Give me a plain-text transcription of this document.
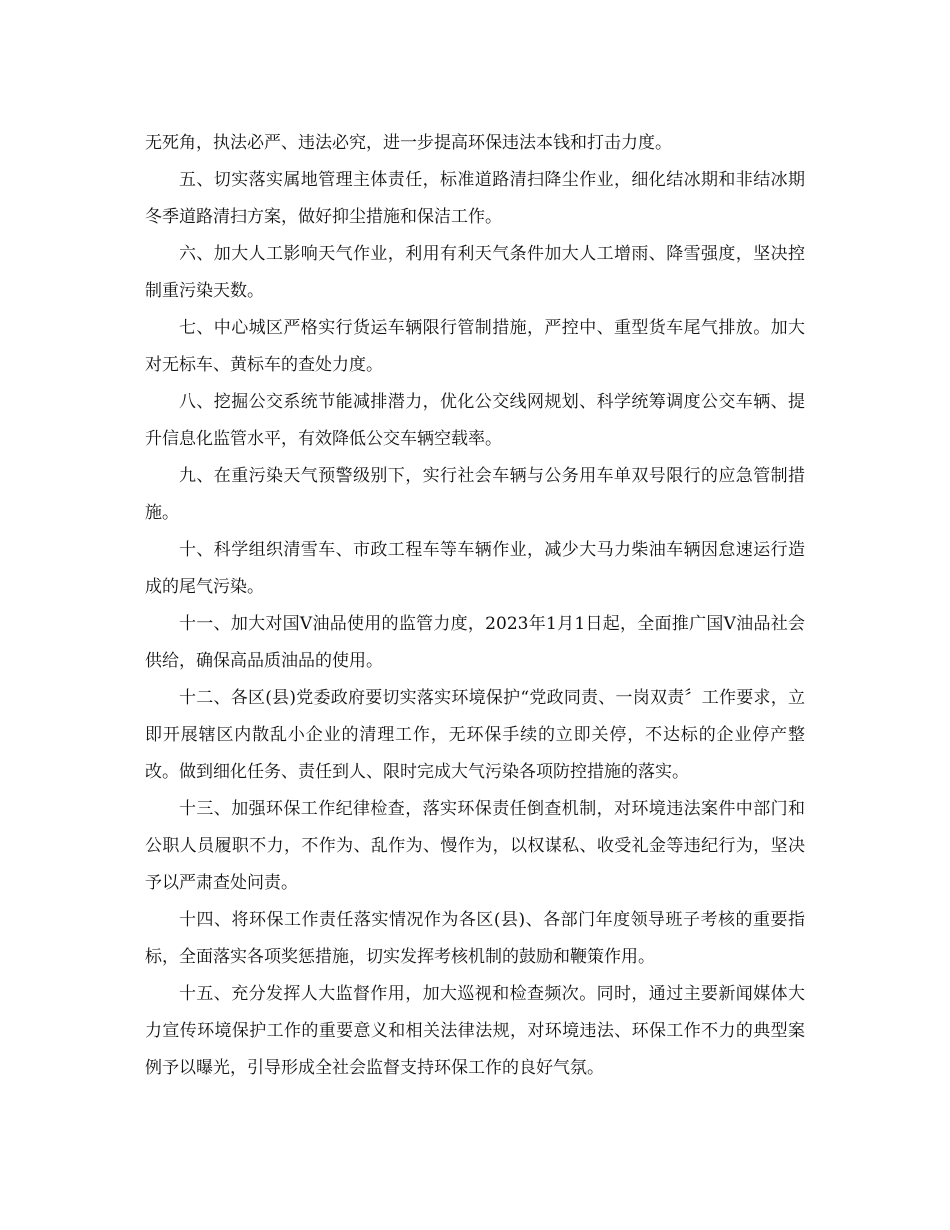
无死角，执法必严、违法必究，进一步提高环保违法本钱和打击力度。

五、切实落实属地管理主体责任，标准道路清扫降尘作业，细化结冰期和非结冰期冬季道路清扫方案，做好抑尘措施和保洁工作。

六、加大人工影响天气作业，利用有利天气条件加大人工增雨、降雪强度，坚决控制重污染天数。

七、中心城区严格实行货运车辆限行管制措施，严控中、重型货车尾气排放。加大对无标车、黄标车的查处力度。

八、挖掘公交系统节能减排潜力，优化公交线网规划、科学统筹调度公交车辆、提升信息化监管水平，有效降低公交车辆空载率。

九、在重污染天气预警级别下，实行社会车辆与公务用车单双号限行的应急管制措施。

十、科学组织清雪车、市政工程车等车辆作业，减少大马力柴油车辆因怠速运行造成的尾气污染。

十一、加大对国Ⅴ油品使用的监管力度，2023年1月1日起，全面推广国Ⅴ油品社会供给，确保高品质油品的使用。

十二、各区(县)党委政府要切实落实环境保护“党政同责、一岗双责〞工作要求，立即开展辖区内散乱小企业的清理工作，无环保手续的立即关停，不达标的企业停产整改。做到细化任务、责任到人、限时完成大气污染各项防控措施的落实。

十三、加强环保工作纪律检查，落实环保责任倒查机制，对环境违法案件中部门和公职人员履职不力，不作为、乱作为、慢作为，以权谋私、收受礼金等违纪行为，坚决予以严肃查处问责。

十四、将环保工作责任落实情况作为各区(县)、各部门年度领导班子考核的重要指标，全面落实各项奖惩措施，切实发挥考核机制的鼓励和鞭策作用。

十五、充分发挥人大监督作用，加大巡视和检查频次。同时，通过主要新闻媒体大力宣传环境保护工作的重要意义和相关法律法规，对环境违法、环保工作不力的典型案例予以曝光，引导形成全社会监督支持环保工作的良好气氛。
